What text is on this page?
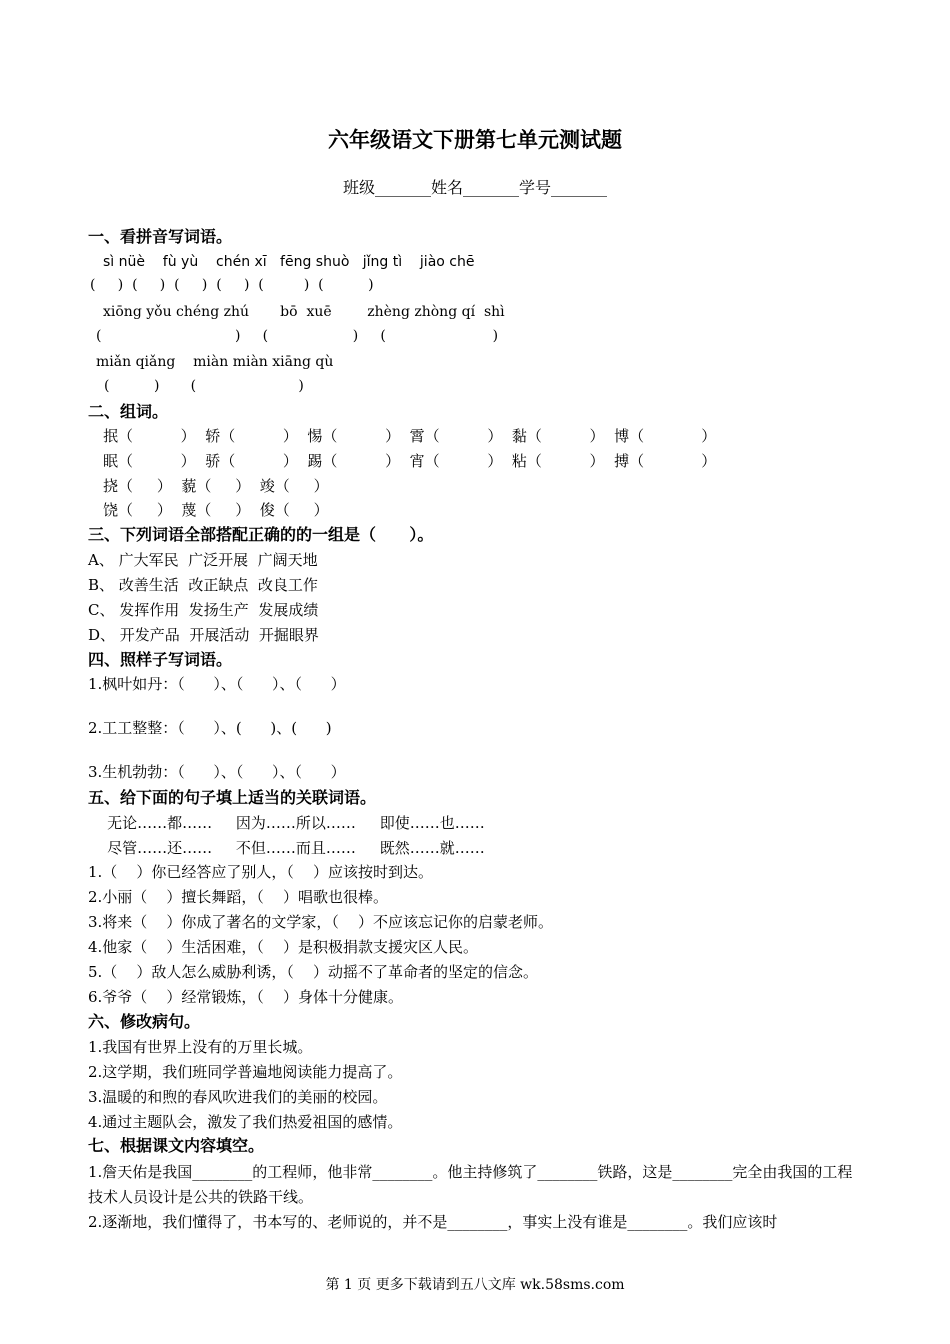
六年级语文下册第七单元测试题
班级_______姓名_______学号_______
一、看拼音写词语。
sì nüè    fù yù    chén xī   fēng shuò   jǐng tì    jiào chē
(     )  (     )  (     )  (     )  (         )  (          )
xiōng yǒu chéng zhú       bō  xuē        zhèng zhòng qí  shì
(                              )     (                   )     (                        )
miǎn qiǎng    miàn miàn xiāng qù
(          )       (                       )
二、组词。
抿（          ）  轿（          ）  惕（          ）  霄（          ）  黏（          ）  博（            ）
眠（          ）  骄（          ）  踢（          ）  宵（          ）  粘（          ）  搏（            ）
挠（     ）  藐（     ）  竣（     ）
饶（     ）  蔑（     ）  俊（     ）
三、下列词语全部搭配正确的的一组是（      ）。
A、 广大军民  广泛开展  广阔天地
B、 改善生活  改正缺点  改良工作
C、 发挥作用  发扬生产  发展成绩
D、 开发产品  开展活动  开掘眼界
四、照样子写词语。
1.枫叶如丹：（      ）、（      ）、（      ）
2.工工整整：（      ）、(      )、(      )
3.生机勃勃：（      ）、（      ）、（      ）
五、给下面的句子填上适当的关联词语。
无论……都……     因为……所以……     即使……也……
尽管……还……     不但……而且……     既然……就……
1.（    ）你已经答应了别人，（    ）应该按时到达。
2.小丽（    ）擅长舞蹈，（    ）唱歌也很棒。
3.将来（    ）你成了著名的文学家，（    ）不应该忘记你的启蒙老师。
4.他家（    ）生活困难，（    ）是积极捐款支援灾区人民。
5.（    ）敌人怎么威胁利诱，（    ）动摇不了革命者的坚定的信念。
6.爷爷（    ）经常锻炼，（    ）身体十分健康。
六、修改病句。
1.我国有世界上没有的万里长城。
2.这学期，我们班同学普遍地阅读能力提高了。
3.温暖的和煦的春风吹进我们的美丽的校园。
4.通过主题队会，激发了我们热爱祖国的感情。
七、根据课文内容填空。
1.詹天佑是我国________的工程师，他非常________。他主持修筑了________铁路，这是________完全由我国的工程技术人员设计是公共的铁路干线。
2.逐渐地，我们懂得了，书本写的、老师说的，并不是________，事实上没有谁是________。我们应该时
第 1 页 更多下载请到五八文库 wk.58sms.com
